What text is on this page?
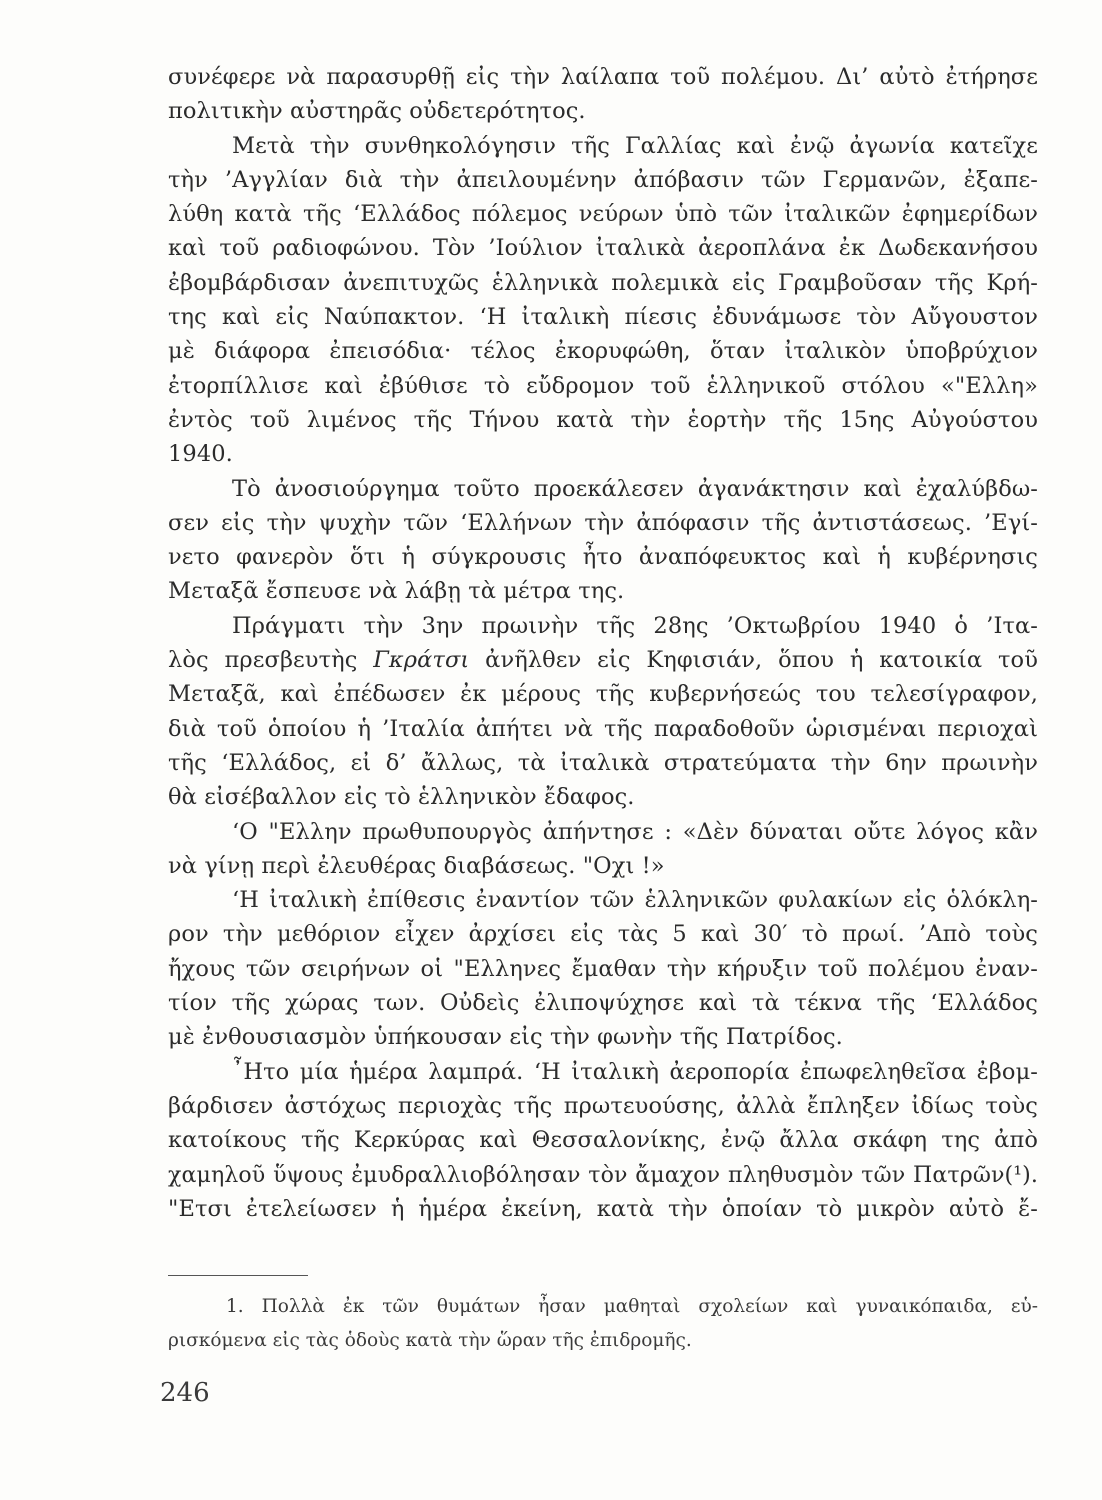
συνέφερε νὰ παρασυρθῇ εἰς τὴν λαίλαπα τοῦ πολέμου. Δι’ αὐτὸ ἐτήρησε
πολιτικὴν αὐστηρᾶς οὐδετερότητος.
Μετὰ τὴν συνθηκολόγησιν τῆς Γαλλίας καὶ ἐνῷ ἀγωνία κατεῖχε
τὴν ’Αγγλίαν διὰ τὴν ἀπειλουμένην ἀπόβασιν τῶν Γερμανῶν, ἐξαπε-
λύθη κατὰ τῆς ‘Ελλάδος πόλεμος νεύρων ὑπὸ τῶν ἰταλικῶν ἐφημερίδων
καὶ τοῦ ραδιοφώνου. Τὸν ’Ιούλιον ἰταλικὰ ἀεροπλάνα ἐκ Δωδεκανήσου
ἐβομβάρδισαν ἀνεπιτυχῶς ἑλληνικὰ πολεμικὰ εἰς Γραμβοῦσαν τῆς Κρή-
της καὶ εἰς Ναύπακτον. ‘Η ἰταλικὴ πίεσις ἐδυνάμωσε τὸν Αὔγουστον
μὲ διάφορα ἐπεισόδια· τέλος ἐκορυφώθη, ὅταν ἰταλικὸν ὑποβρύχιον
ἐτορπίλλισε καὶ ἐβύθισε τὸ εὔδρομον τοῦ ἑλληνικοῦ στόλου «"Ελλη»
ἐντὸς τοῦ λιμένος τῆς Τήνου κατὰ τὴν ἑορτὴν τῆς 15ης Αὐγούστου
1940.
Τὸ ἀνοσιούργημα τοῦτο προεκάλεσεν ἀγανάκτησιν καὶ ἐχαλύβδω-
σεν εἰς τὴν ψυχὴν τῶν ‘Ελλήνων τὴν ἀπόφασιν τῆς ἀντιστάσεως. ’Εγί-
νετο φανερὸν ὅτι ἡ σύγκρουσις ἦτο ἀναπόφευκτος καὶ ἡ κυβέρνησις
Μεταξᾶ ἔσπευσε νὰ λάβῃ τὰ μέτρα της.
Πράγματι τὴν 3ην πρωινὴν τῆς 28ης ’Οκτωβρίου 1940 ὁ ’Ιτα-
λὸς πρεσβευτὴς Γκράτσι ἀνῆλθεν εἰς Κηφισιάν, ὅπου ἡ κατοικία τοῦ
Μεταξᾶ, καὶ ἐπέδωσεν ἐκ μέρους τῆς κυβερνήσεώς του τελεσίγραφον,
διὰ τοῦ ὁποίου ἡ ’Ιταλία ἀπήτει νὰ τῆς παραδοθοῦν ὡρισμέναι περιοχαὶ
τῆς ‘Ελλάδος, εἰ δ’ ἄλλως, τὰ ἰταλικὰ στρατεύματα τὴν 6ην πρωινὴν
θὰ εἰσέβαλλον εἰς τὸ ἑλληνικὸν ἔδαφος.
‘Ο "Ελλην πρωθυπουργὸς ἀπήντησε : «Δὲν δύναται οὔτε λόγος κἂν
νὰ γίνῃ περὶ ἐλευθέρας διαβάσεως. "Οχι !»
‘Η ἰταλικὴ ἐπίθεσις ἐναντίον τῶν ἑλληνικῶν φυλακίων εἰς ὁλόκλη-
ρον τὴν μεθόριον εἶχεν ἀρχίσει εἰς τὰς 5 καὶ 30′ τὸ πρωί. ’Απὸ τοὺς
ἤχους τῶν σειρήνων οἱ "Ελληνες ἔμαθαν τὴν κήρυξιν τοῦ πολέμου ἐναν-
τίον τῆς χώρας των. Οὐδεὶς ἐλιποψύχησε καὶ τὰ τέκνα τῆς ‘Ελλάδος
μὲ ἐνθουσιασμὸν ὑπήκουσαν εἰς τὴν φωνὴν τῆς Πατρίδος.
῏Ητο μία ἡμέρα λαμπρά. ‘Η ἰταλικὴ ἀεροπορία ἐπωφεληθεῖσα ἐβομ-
βάρδισεν ἀστόχως περιοχὰς τῆς πρωτευούσης, ἀλλὰ ἔπληξεν ἰδίως τοὺς
κατοίκους τῆς Κερκύρας καὶ Θεσσαλονίκης, ἐνῷ ἄλλα σκάφη της ἀπὸ
χαμηλοῦ ὕψους ἐμυδραλλιοβόλησαν τὸν ἄμαχον πληθυσμὸν τῶν Πατρῶν(¹).
"Ετσι ἐτελείωσεν ἡ ἡμέρα ἐκείνη, κατὰ τὴν ὁποίαν τὸ μικρὸν αὐτὸ ἔ-
1. Πολλὰ ἐκ τῶν θυμάτων ἦσαν μαθηταὶ σχολείων καὶ γυναικόπαιδα, εὑ-
ρισκόμενα εἰς τὰς ὁδοὺς κατὰ τὴν ὥραν τῆς ἐπιδρομῆς.
246
